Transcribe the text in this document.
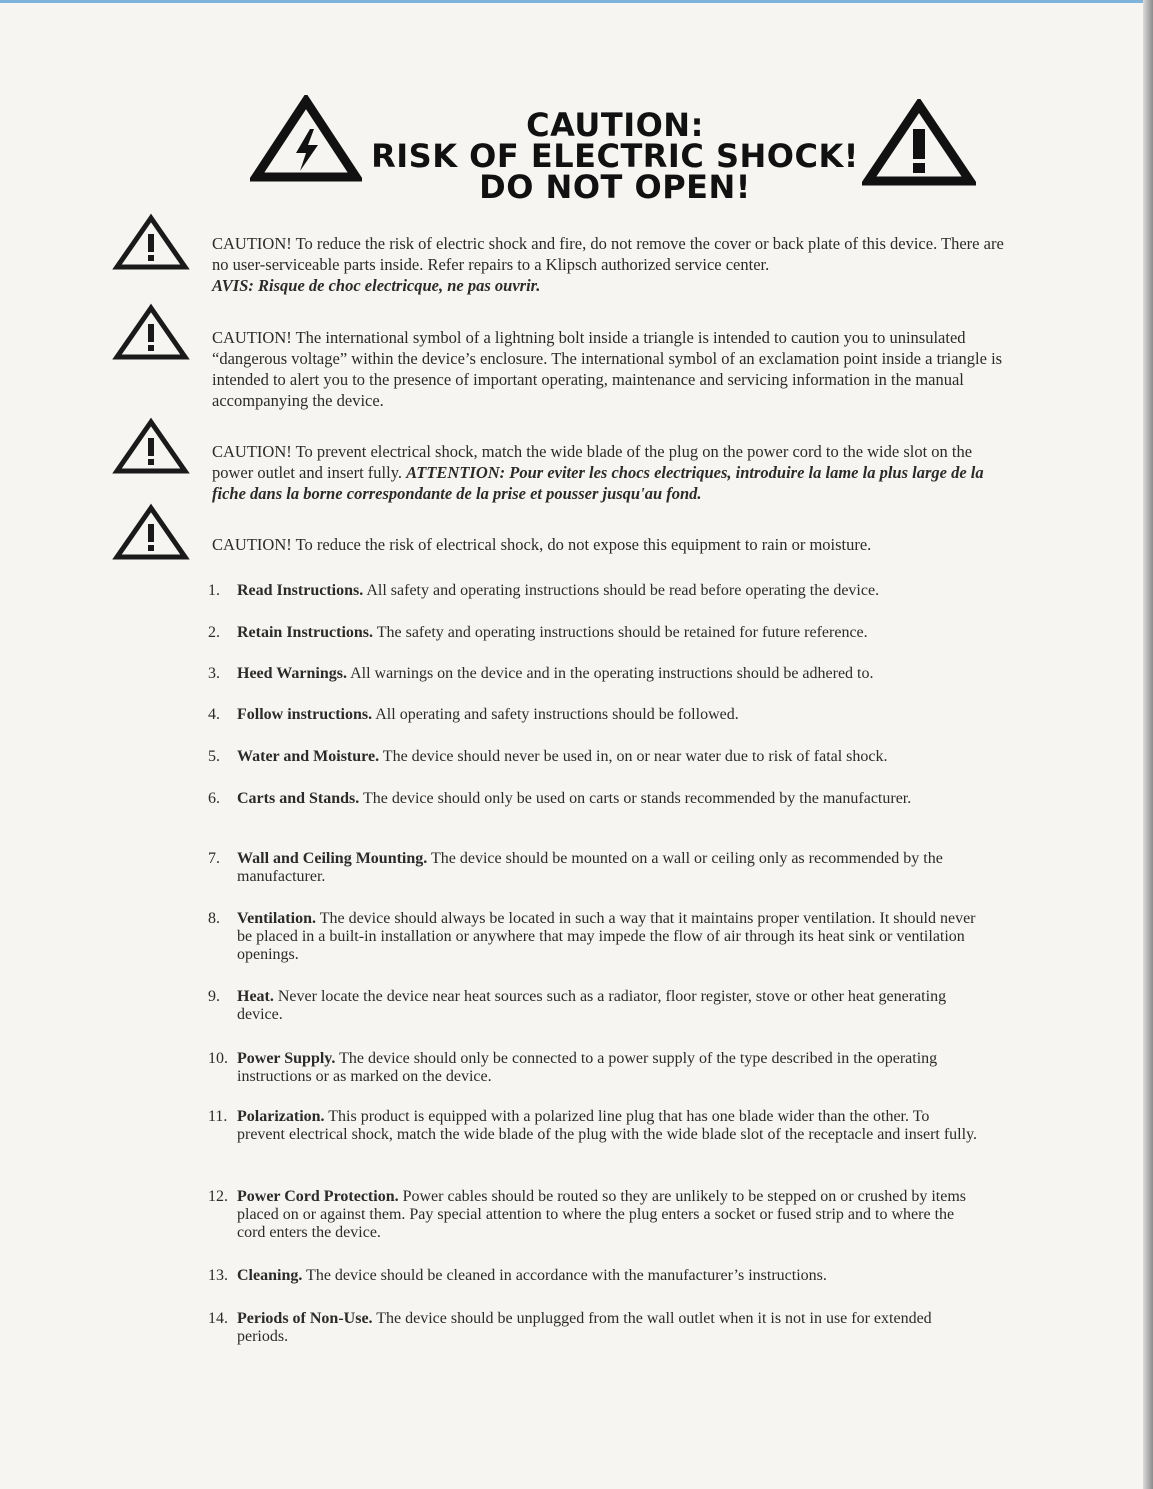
CAUTION:
RISK OF ELECTRIC SHOCK!
DO NOT OPEN!
CAUTION! To reduce the risk of electric shock and fire, do not remove the cover or back plate of this device. There are no user-serviceable parts inside. Refer repairs to a Klipsch authorized service center.
AVIS: Risque de choc electricque, ne pas ouvrir.
CAUTION! The international symbol of a lightning bolt inside a triangle is intended to caution you to uninsulated “dangerous voltage” within the device’s enclosure. The international symbol of an exclamation point inside a triangle is intended to alert you to the presence of important operating, maintenance and servicing information in the manual accompanying the device.
CAUTION! To prevent electrical shock, match the wide blade of the plug on the power cord to the wide slot on the power outlet and insert fully. ATTENTION: Pour eviter les chocs electriques, introduire la lame la plus large de la fiche dans la borne correspondante de la prise et pousser jusqu'au fond.
CAUTION! To reduce the risk of electrical shock, do not expose this equipment to rain or moisture.
1.	Read Instructions. All safety and operating instructions should be read before operating the device.
2.	Retain Instructions. The safety and operating instructions should be retained for future reference.
3.	Heed Warnings. All warnings on the device and in the operating instructions should be adhered to.
4.	Follow instructions. All operating and safety instructions should be followed.
5.	Water and Moisture. The device should never be used in, on or near water due to risk of fatal shock.
6.	Carts and Stands. The device should only be used on carts or stands recommended by the manufacturer.
7.	Wall and Ceiling Mounting. The device should be mounted on a wall or ceiling only as recommended by the manufacturer.
8.	Ventilation. The device should always be located in such a way that it maintains proper ventilation. It should never be placed in a built-in installation or anywhere that may impede the flow of air through its heat sink or ventilation openings.
9.	Heat. Never locate the device near heat sources such as a radiator, floor register, stove or other heat generating device.
10. Power Supply. The device should only be connected to a power supply of the type described in the operating instructions or as marked on the device.
11. Polarization. This product is equipped with a polarized line plug that has one blade wider than the other. To prevent electrical shock, match the wide blade of the plug with the wide blade slot of the receptacle and insert fully.
12. Power Cord Protection. Power cables should be routed so they are unlikely to be stepped on or crushed by items placed on or against them. Pay special attention to where the plug enters a socket or fused strip and to where the cord enters the device.
13. Cleaning. The device should be cleaned in accordance with the manufacturer’s instructions.
14. Periods of Non-Use. The device should be unplugged from the wall outlet when it is not in use for extended periods.
